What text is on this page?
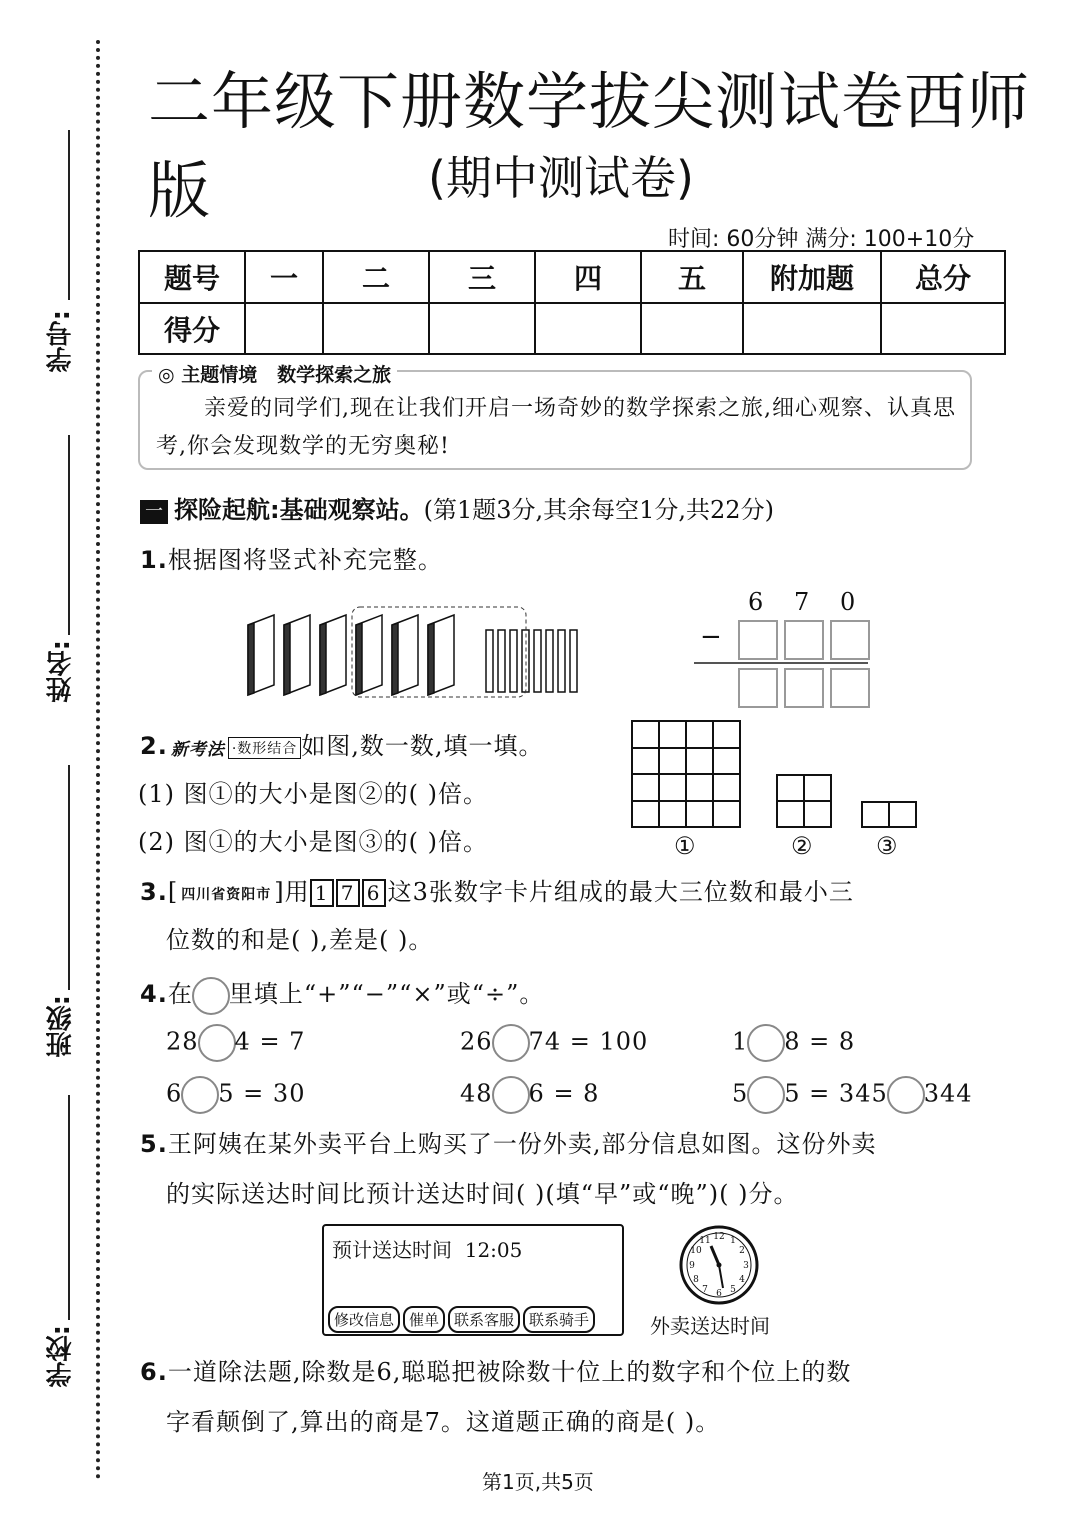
学号:
姓名:
班级:
学校:
二年级下册数学拔尖测试卷西师版	(期中测试卷)
时间: 60分钟 满分: 100+10分
题号	一	二	三	四	五	附加题	总分
得分							
◎ 主题情境 数学探索之旅
亲爱的同学们,现在让我们开启一场奇妙的数学探索之旅,细心观察、认真思考,你会发现数学的无穷奥秘!
一 探险起航:基础观察站。(第1题3分,其余每空1分,共22分)
1.根据图将竖式补充完整。
6 7 0
−
2. 新考法 ·数形结合 如图,数一数,填一填。
(1) 图①的大小是图②的( )倍。
(2) 图①的大小是图③的( )倍。

		①	②	③
3.[ 四川省资阳市 ]用 1 7 6 这3张数字卡片组成的最大三位数和最小三
位数的和是( ),差是( )。
4.在 里填上“+”“−”“×”或“÷”。
28 4 = 7	26 74 = 100	1 8 = 8
6 5 = 30	48 6 = 8	5 5 = 345 344
5.王阿姨在某外卖平台上购买了一份外卖,部分信息如图。这份外卖
的实际送达时间比预计送达时间( )(填“早”或“晚”)( )分。
预计送达时间 12:05
修改信息 催单 联系客服 联系骑手
12 1
2
3
4
5
6
7
8
9
10
11
外卖送达时间
6.一道除法题,除数是6,聪聪把被除数十位上的数字和个位上的数
字看颠倒了,算出的商是7。这道题正确的商是( )。
第1页,共5页
